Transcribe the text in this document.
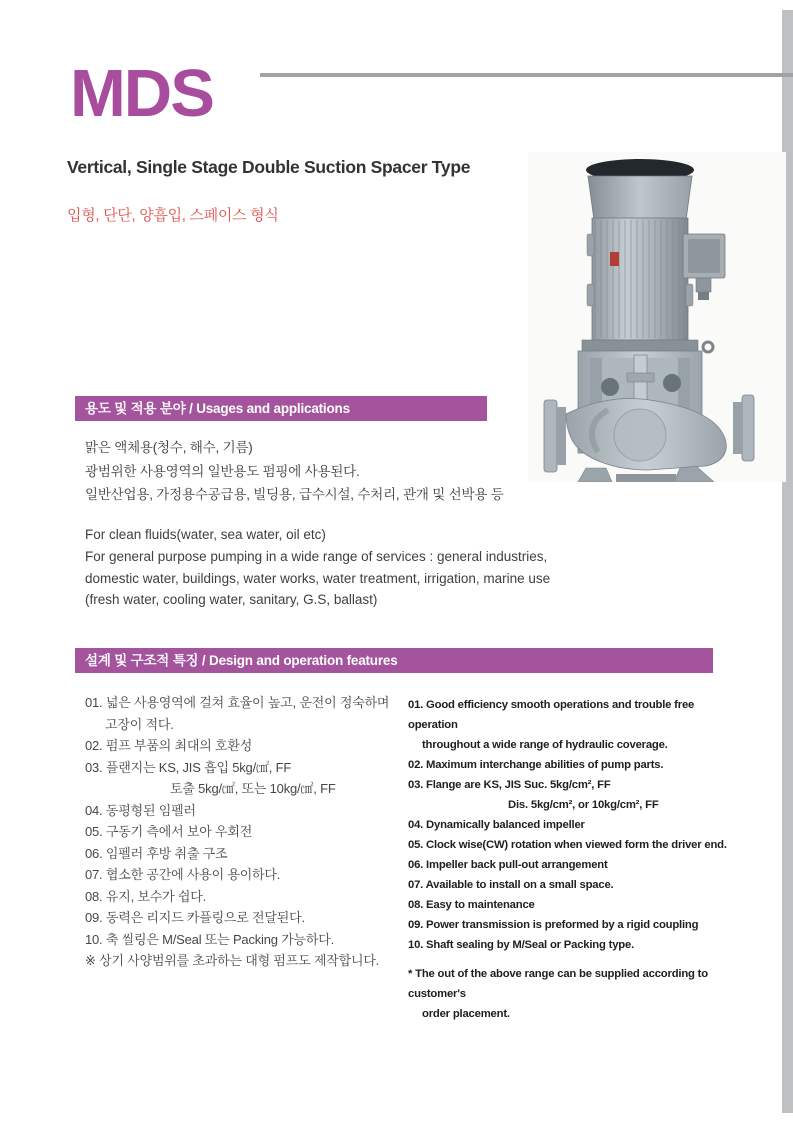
MDS
Vertical, Single Stage Double Suction Spacer Type
입형, 단단, 양흡입, 스페이스 형식
용도 및 적용 분야 / Usages and applications
맑은 액체용(청수, 해수, 기름)
광범위한 사용영역의 일반용도 펌핑에 사용된다.
일반산업용, 가정용수공급용, 빌딩용, 급수시설, 수처리, 관개 및 선박용 등
For clean fluids(water, sea water, oil etc)
For general purpose pumping in a wide range of services : general industries,
domestic water, buildings, water works, water treatment, irrigation, marine use
(fresh water, cooling water, sanitary, G.S, ballast)
설계 및 구조적 특징 / Design and operation features
01. 넓은 사용영역에 걸쳐 효율이 높고, 운전이 정숙하며
고장이 적다.
02. 펌프 부품의 최대의 호환성
03. 플랜지는 KS, JIS 흡입 5kg/㎠, FF
토출 5kg/㎠, 또는 10kg/㎠, FF
04. 동평형된 임펠러
05. 구동기 측에서 보아 우회전
06. 임펠러 후방 취출 구조
07. 협소한 공간에 사용이 용이하다.
08. 유지, 보수가 쉽다.
09. 동력은 리지드 카플링으로 전달된다.
10. 축 씰링은 M/Seal 또는 Packing 가능하다.
※ 상기 사양범위를 초과하는 대형 펌프도 제작합니다.
01. Good efficiency smooth operations and trouble free operation
throughout a wide range of hydraulic coverage.
02. Maximum interchange abilities of pump parts.
03. Flange are KS, JIS Suc. 5kg/cm², FF
Dis. 5kg/cm², or 10kg/cm², FF
04. Dynamically balanced impeller
05. Clock wise(CW) rotation when viewed form the driver end.
06. Impeller back pull-out arrangement
07. Available to install on a small space.
08. Easy to maintenance
09. Power transmission is preformed by a rigid coupling
10. Shaft sealing by M/Seal or Packing type.
* The out of the above range can be supplied according to customer's
order placement.
